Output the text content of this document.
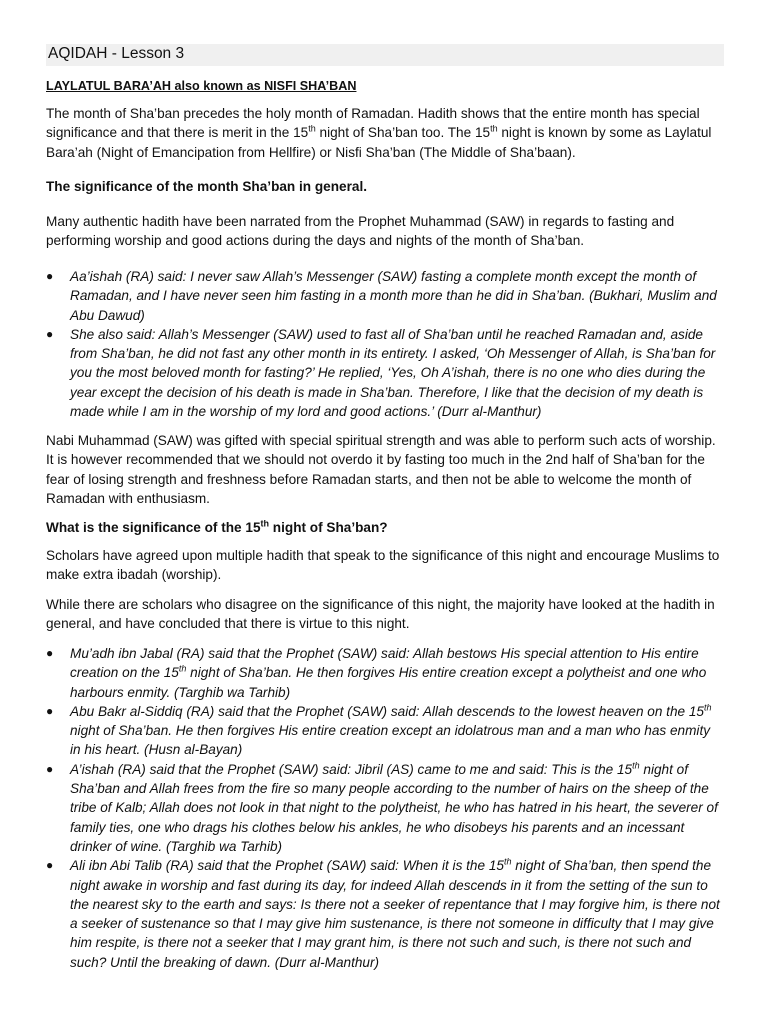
AQIDAH - Lesson 3

LAYLATUL BARA’AH also known as NISFI SHA’BAN

The month of Sha’ban precedes the holy month of Ramadan. Hadith shows that the entire month has special significance and that there is merit in the 15th night of Sha’ban too. The 15th night is known by some as Laylatul Bara’ah (Night of Emancipation from Hellfire) or Nisfi Sha’ban (The Middle of Sha’baan).

The significance of the month Sha’ban in general.

Many authentic hadith have been narrated from the Prophet Muhammad (SAW) in regards to fasting and performing worship and good actions during the days and nights of the month of Sha’ban.

● Aa’ishah (RA) said: I never saw Allah’s Messenger (SAW) fasting a complete month except the month of Ramadan, and I have never seen him fasting in a month more than he did in Sha’ban. (Bukhari, Muslim and Abu Dawud)
● She also said: Allah’s Messenger (SAW) used to fast all of Sha’ban until he reached Ramadan and, aside from Sha’ban, he did not fast any other month in its entirety. I asked, ‘Oh Messenger of Allah, is Sha’ban for you the most beloved month for fasting?’ He replied, ‘Yes, Oh A’ishah, there is no one who dies during the year except the decision of his death is made in Sha’ban. Therefore, I like that the decision of my death is made while I am in the worship of my lord and good actions.’ (Durr al-Manthur)

Nabi Muhammad (SAW) was gifted with special spiritual strength and was able to perform such acts of worship. It is however recommended that we should not overdo it by fasting too much in the 2nd half of Sha’ban for the fear of losing strength and freshness before Ramadan starts, and then not be able to welcome the month of Ramadan with enthusiasm.

What is the significance of the 15th night of Sha’ban?

Scholars have agreed upon multiple hadith that speak to the significance of this night and encourage Muslims to make extra ibadah (worship).

While there are scholars who disagree on the significance of this night, the majority have looked at the hadith in general, and have concluded that there is virtue to this night.

● Mu’adh ibn Jabal (RA) said that the Prophet (SAW) said: Allah bestows His special attention to His entire creation on the 15th night of Sha’ban. He then forgives His entire creation except a polytheist and one who harbours enmity. (Targhib wa Tarhib)
● Abu Bakr al-Siddiq (RA) said that the Prophet (SAW) said: Allah descends to the lowest heaven on the 15th night of Sha’ban. He then forgives His entire creation except an idolatrous man and a man who has enmity in his heart. (Husn al-Bayan)
● A’ishah (RA) said that the Prophet (SAW) said: Jibril (AS) came to me and said: This is the 15th night of Sha’ban and Allah frees from the fire so many people according to the number of hairs on the sheep of the tribe of Kalb; Allah does not look in that night to the polytheist, he who has hatred in his heart, the severer of family ties, one who drags his clothes below his ankles, he who disobeys his parents and an incessant drinker of wine. (Targhib wa Tarhib)
● Ali ibn Abi Talib (RA) said that the Prophet (SAW) said: When it is the 15th night of Sha’ban, then spend the night awake in worship and fast during its day, for indeed Allah descends in it from the setting of the sun to the nearest sky to the earth and says: Is there not a seeker of repentance that I may forgive him, is there not a seeker of sustenance so that I may give him sustenance, is there not someone in difficulty that I may give him respite, is there not a seeker that I may grant him, is there not such and such, is there not such and such? Until the breaking of dawn. (Durr al-Manthur)
